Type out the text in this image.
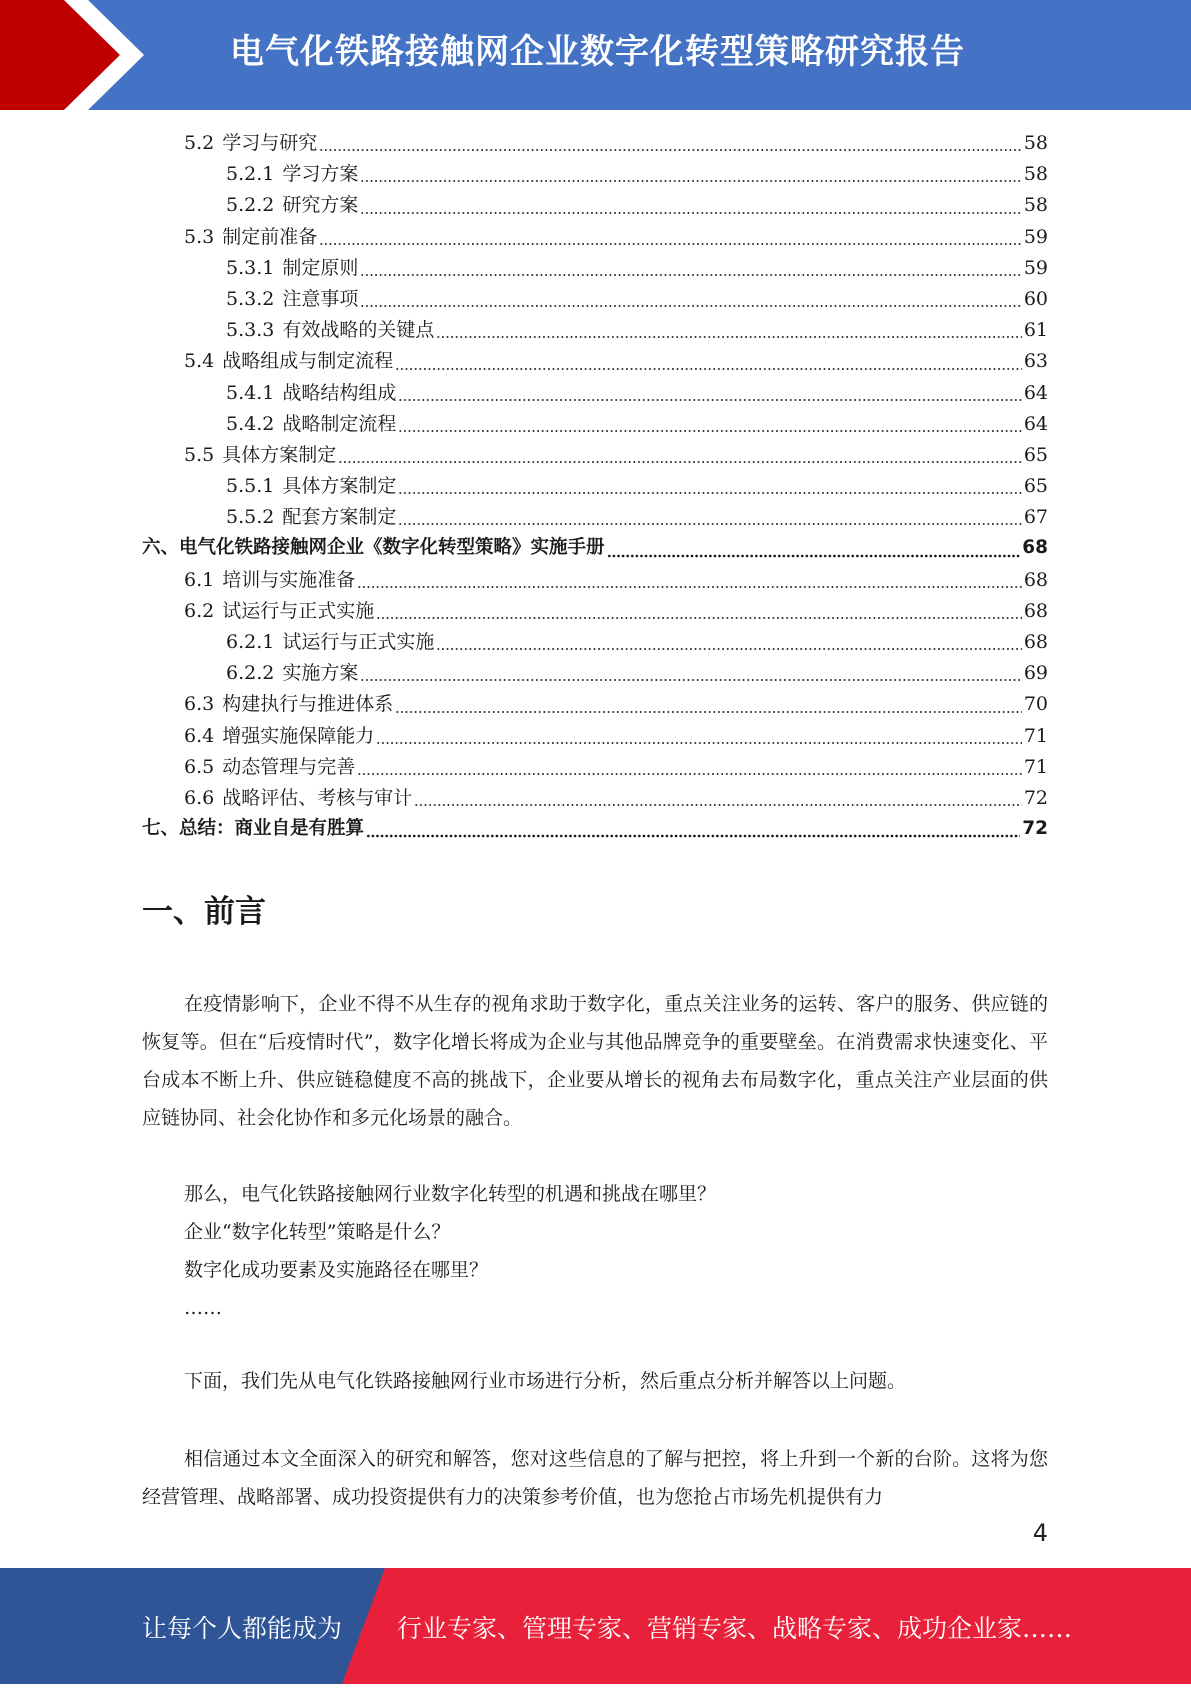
电气化铁路接触网企业数字化转型策略研究报告
5.2 学习与研究	58
5.2.1 学习方案	58
5.2.2 研究方案	58
5.3 制定前准备	59
5.3.1 制定原则	59
5.3.2 注意事项	60
5.3.3 有效战略的关键点	61
5.4 战略组成与制定流程	63
5.4.1 战略结构组成	64
5.4.2 战略制定流程	64
5.5 具体方案制定	65
5.5.1 具体方案制定	65
5.5.2 配套方案制定	67
六、 电气化铁路接触网企业《数字化转型策略》实施手册	68
6.1 培训与实施准备	68
6.2 试运行与正式实施	68
6.2.1 试运行与正式实施	68
6.2.2 实施方案	69
6.3 构建执行与推进体系	70
6.4 增强实施保障能力	71
6.5 动态管理与完善	71
6.6 战略评估、考核与审计	72
七、 总结：商业自是有胜算	72
一、前言

在疫情影响下，企业不得不从生存的视角求助于数字化，重点关注业务的运转、客户的服务、供应链的恢复等。但在“后疫情时代”，数字化增长将成为企业与其他品牌竞争的重要壁垒。在消费需求快速变化、平台成本不断上升、供应链稳健度不高的挑战下，企业要从增长的视角去布局数字化，重点关注产业层面的供应链协同、社会化协作和多元化场景的融合。

那么，电气化铁路接触网行业数字化转型的机遇和挑战在哪里？
企业“数字化转型”策略是什么？
数字化成功要素及实施路径在哪里？
……

下面，我们先从电气化铁路接触网行业市场进行分析，然后重点分析并解答以上问题。

相信通过本文全面深入的研究和解答，您对这些信息的了解与把控，将上升到一个新的台阶。这将为您经营管理、战略部署、成功投资提供有力的决策参考价值，也为您抢占市场先机提供有力

4
让每个人都能成为 行业专家、管理专家、营销专家、战略专家、成功企业家……
